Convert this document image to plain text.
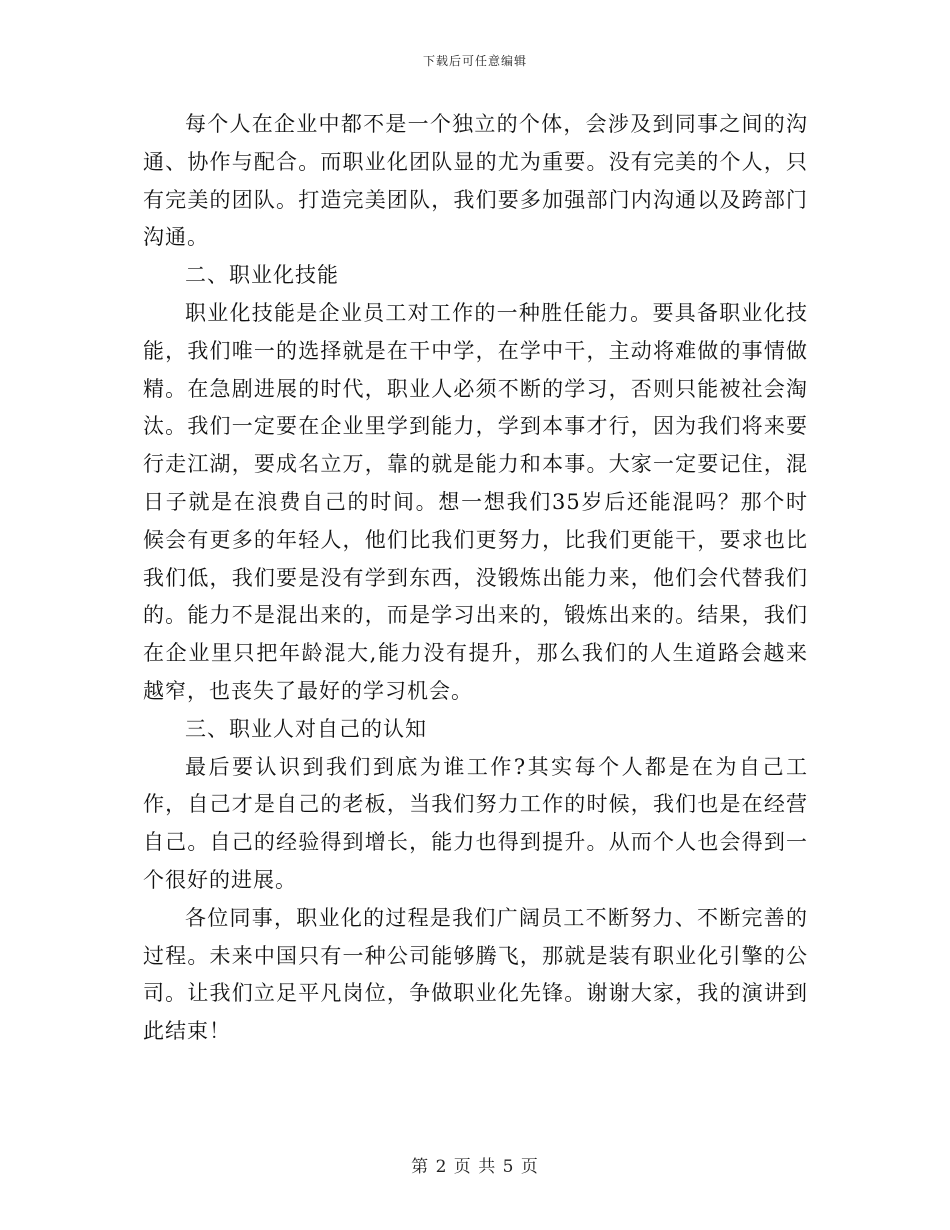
下载后可任意编辑

每个人在企业中都不是一个独立的个体，会涉及到同事之间的沟通、协作与配合。而职业化团队显的尤为重要。没有完美的个人，只有完美的团队。打造完美团队，我们要多加强部门内沟通以及跨部门沟通。

二、职业化技能

职业化技能是企业员工对工作的一种胜任能力。要具备职业化技能，我们唯一的选择就是在干中学，在学中干，主动将难做的事情做精。在急剧进展的时代，职业人必须不断的学习，否则只能被社会淘汰。我们一定要在企业里学到能力，学到本事才行，因为我们将来要行走江湖，要成名立万，靠的就是能力和本事。大家一定要记住，混日子就是在浪费自己的时间。想一想我们35岁后还能混吗？那个时候会有更多的年轻人，他们比我们更努力，比我们更能干，要求也比我们低，我们要是没有学到东西，没锻炼出能力来，他们会代替我们的。能力不是混出来的，而是学习出来的，锻炼出来的。结果，我们在企业里只把年龄混大,能力没有提升，那么我们的人生道路会越来越窄，也丧失了最好的学习机会。

三、职业人对自己的认知

最后要认识到我们到底为谁工作?其实每个人都是在为自己工作，自己才是自己的老板，当我们努力工作的时候，我们也是在经营自己。自己的经验得到增长，能力也得到提升。从而个人也会得到一个很好的进展。

各位同事，职业化的过程是我们广阔员工不断努力、不断完善的过程。未来中国只有一种公司能够腾飞，那就是装有职业化引擎的公司。让我们立足平凡岗位，争做职业化先锋。谢谢大家，我的演讲到此结束！

第 2 页 共 5 页
